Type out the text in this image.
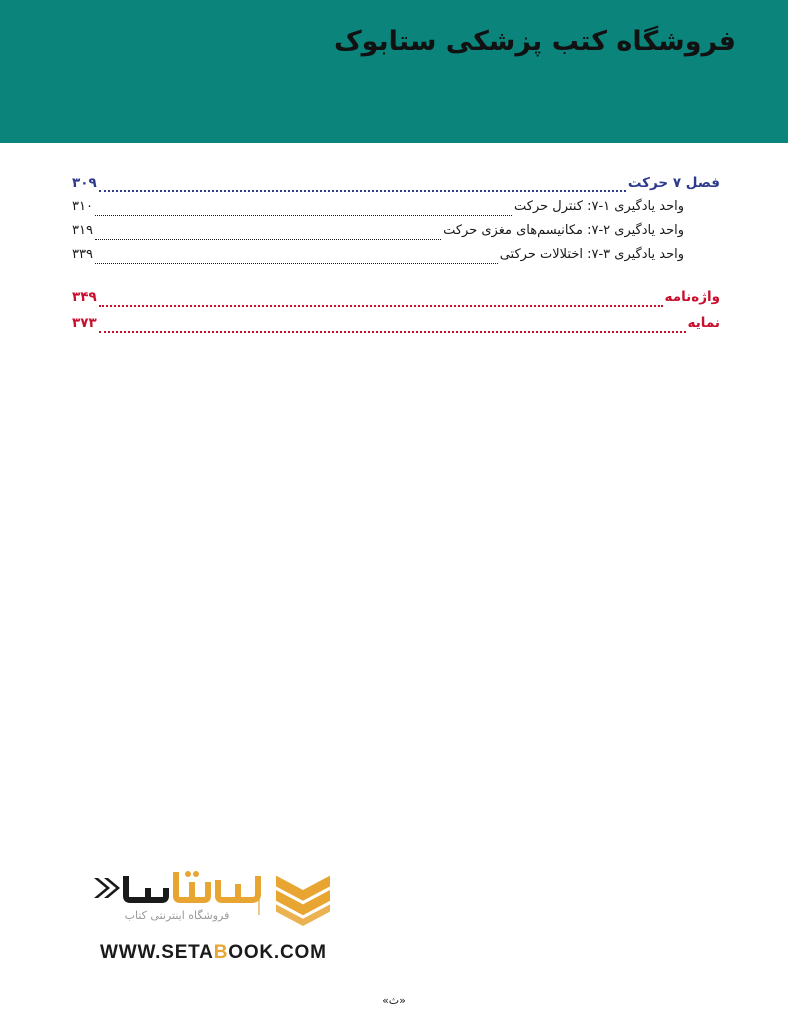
فروشگاه کتب پزشکی ستابوک
فصل ۷ حرکت
۳۰۹
واحد یادگیری ۱-۷: کنترل حرکت
۳۱۰
واحد یادگیری ۲-۷: مکانیسم‌های مغزی حرکت
۳۱۹
واحد یادگیری ۳-۷: اختلالات حرکتی
۳۳۹
واژه‌نامه
۳۴۹
نمایه
۳۷۳
فروشگاه اینترنتی کتاب
WWW.SETABOOK.COM
«ث»
